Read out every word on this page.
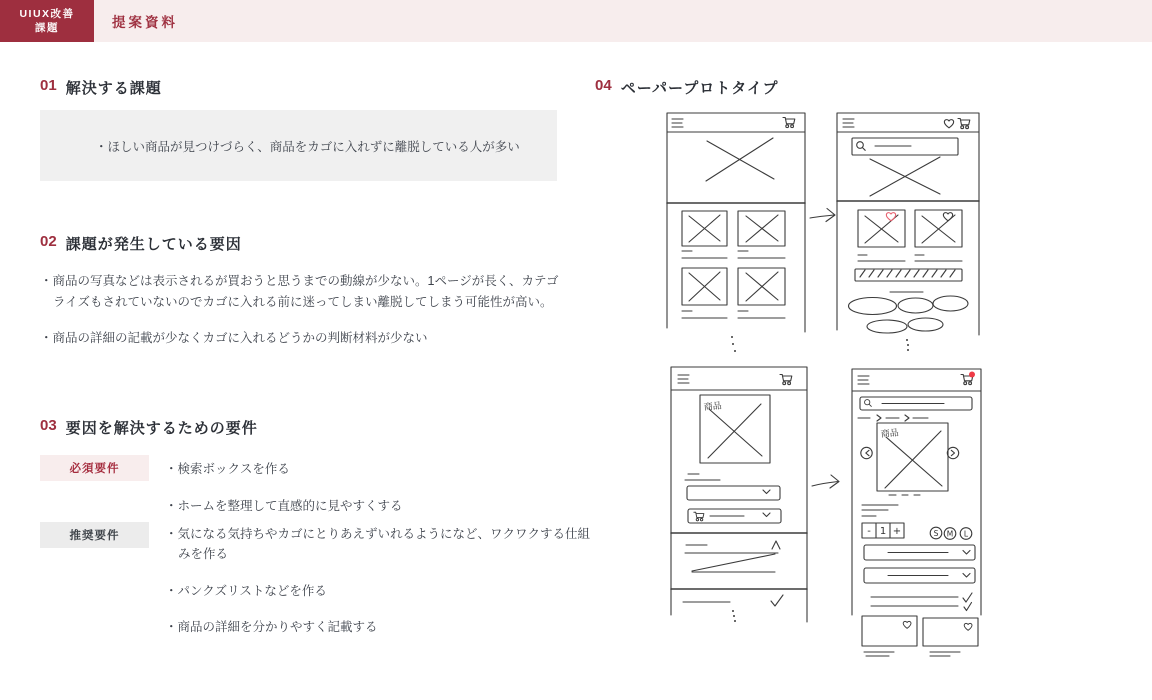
UIUX改善
課題	提案資料
01 解決する課題
・ほしい商品が見つけづらく、商品をカゴに入れずに離脱している人が多い
02 課題が発生している要因
・商品の写真などは表示されるが買おうと思うまでの動線が少ない。1ページが長く、カテゴライズもされていないのでカゴに入れる前に迷ってしまい離脱してしまう可能性が高い。
・商品の詳細の記載が少なくカゴに入れるどうかの判断材料が少ない
03 要因を解決するための要件
必須要件
推奨要件
・検索ボックスを作る
・ホームを整理して直感的に見やすくする
・気になる気持ちやカゴにとりあえずいれるようになど、ワクワクする仕組みを作る
・パンクズリストなどを作る
・商品の詳細を分かりやすく記載する
04 ペーパープロトタイプ
商品
商品
- 1 +	S M L
